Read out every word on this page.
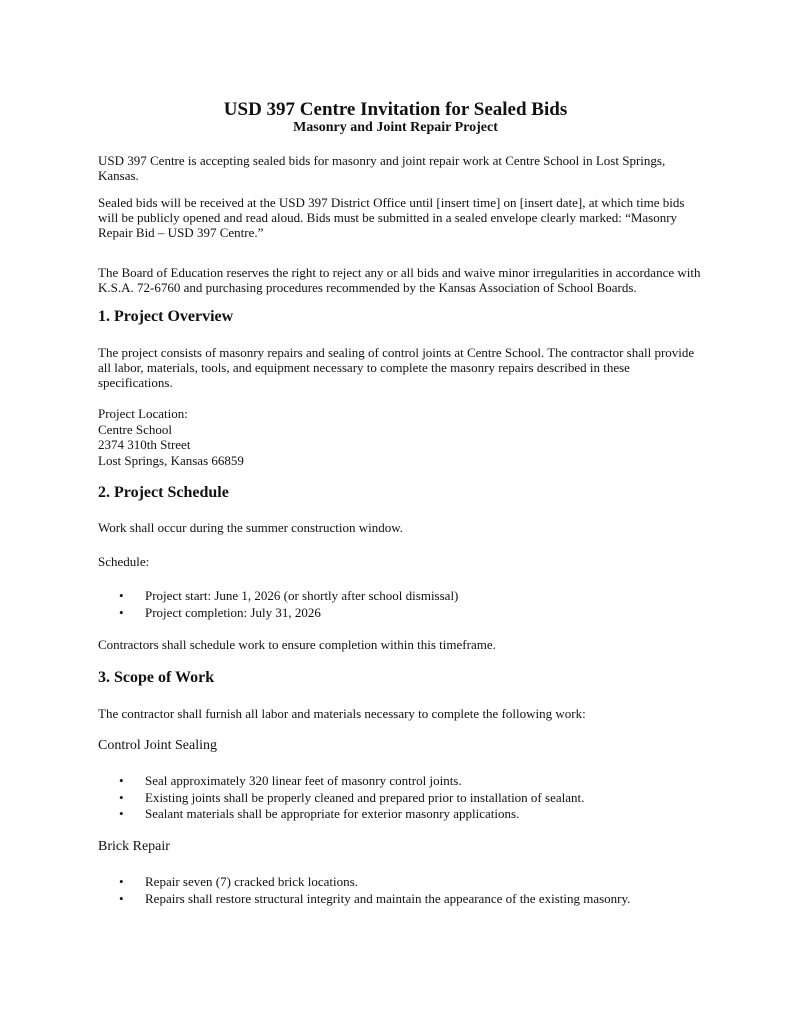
USD 397 Centre Invitation for Sealed Bids
Masonry and Joint Repair Project
USD 397 Centre is accepting sealed bids for masonry and joint repair work at Centre School in Lost Springs,
Kansas.
Sealed bids will be received at the USD 397 District Office until [insert time] on [insert date], at which time bids
will be publicly opened and read aloud. Bids must be submitted in a sealed envelope clearly marked: “Masonry
Repair Bid – USD 397 Centre.”
The Board of Education reserves the right to reject any or all bids and waive minor irregularities in accordance with
K.S.A. 72-6760 and purchasing procedures recommended by the Kansas Association of School Boards.
1. Project Overview
The project consists of masonry repairs and sealing of control joints at Centre School. The contractor shall provide
all labor, materials, tools, and equipment necessary to complete the masonry repairs described in these
specifications.
Project Location:
Centre School
2374 310th Street
Lost Springs, Kansas 66859
2. Project Schedule
Work shall occur during the summer construction window.
Schedule:
• Project start: June 1, 2026 (or shortly after school dismissal)
• Project completion: July 31, 2026
Contractors shall schedule work to ensure completion within this timeframe.
3. Scope of Work
The contractor shall furnish all labor and materials necessary to complete the following work:
Control Joint Sealing
• Seal approximately 320 linear feet of masonry control joints.
• Existing joints shall be properly cleaned and prepared prior to installation of sealant.
• Sealant materials shall be appropriate for exterior masonry applications.
Brick Repair
• Repair seven (7) cracked brick locations.
• Repairs shall restore structural integrity and maintain the appearance of the existing masonry.
